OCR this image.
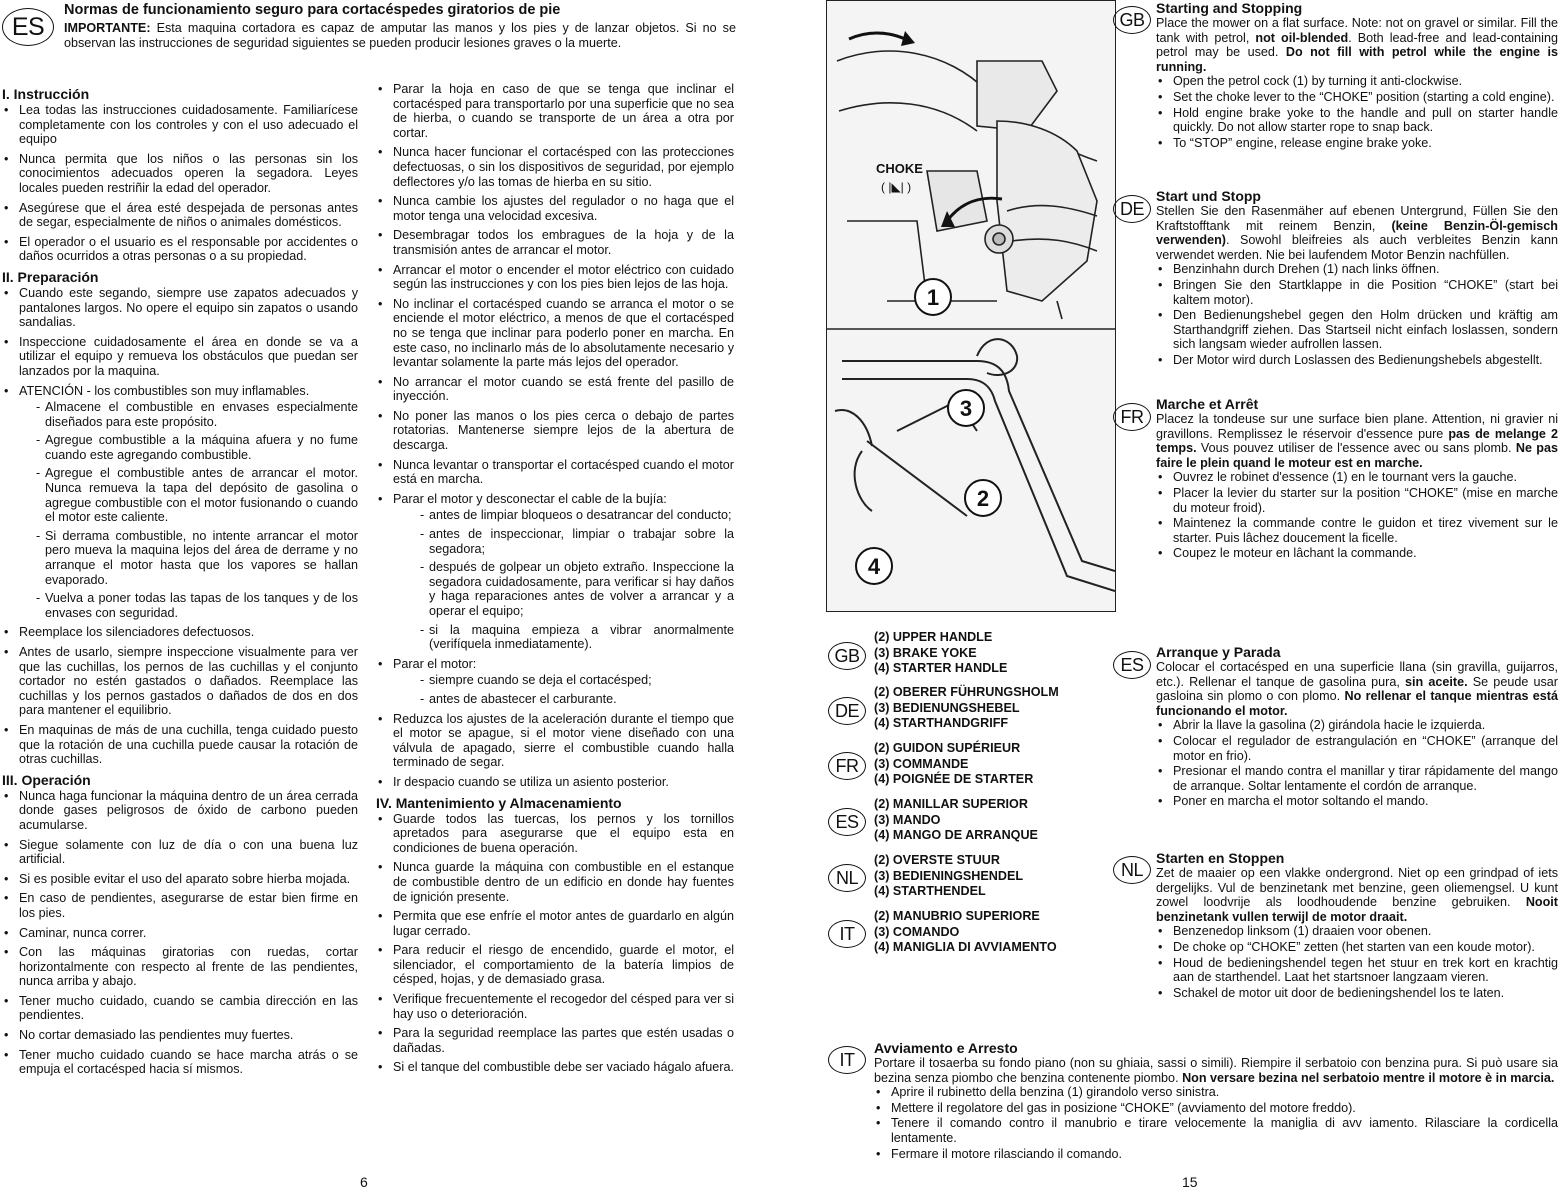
ES
Normas de funcionamiento seguro para cortacéspedes giratorios de pie
IMPORTANTE: Esta maquina cortadora es capaz de amputar las manos y los pies y de lanzar objetos. Si no se observan las instrucciones de seguridad siguientes se pueden producir lesiones graves o la muerte.
I. Instrucción
• Lea todas las instrucciones cuidadosamente. Familiarícese completamente con los controles y con el uso adecuado el equipo
• Nunca permita que los niños o las personas sin los conocimientos adecuados operen la segadora. Leyes locales pueden restriñir la edad del operador.
• Asegúrese que el área esté despejada de personas antes de segar, especialmente de niños o animales domésticos.
• El operador o el usuario es el responsable por accidentes o daños ocurridos a otras personas o a su propiedad.
II. Preparación
• Cuando este segando, siempre use zapatos adecuados y pantalones largos. No opere el equipo sin zapatos o usando sandalias.
• Inspeccione cuidadosamente el área en donde se va a utilizar el equipo y remueva los obstáculos que puedan ser lanzados por la maquina.
• ATENCIÓN - los combustibles son muy inflamables.
- Almacene el combustible en envases especialmente diseñados para este propósito.
- Agregue combustible a la máquina afuera y no fume cuando este agregando combustible.
- Agregue el combustible antes de arrancar el motor. Nunca remueva la tapa del depósito de gasolina o agregue combustible con el motor fusionando o cuando el motor este caliente.
- Si derrama combustible, no intente arrancar el motor pero mueva la maquina lejos del área de derrame y no arranque el motor hasta que los vapores se hallan evaporado.
- Vuelva a poner todas las tapas de los tanques y de los envases con seguridad.
• Reemplace los silenciadores defectuosos.
• Antes de usarlo, siempre inspeccione visualmente para ver que las cuchillas, los pernos de las cuchillas y el conjunto cortador no estén gastados o dañados. Reemplace las cuchillas y los pernos gastados o dañados de dos en dos para mantener el equilibrio.
• En maquinas de más de una cuchilla, tenga cuidado puesto que la rotación de una cuchilla puede causar la rotación de otras cuchillas.
III. Operación
• Nunca haga funcionar la máquina dentro de un área cerrada donde gases peligrosos de óxido de carbono pueden acumularse.
• Siegue solamente con luz de día o con una buena luz artificial.
• Si es posible evitar el uso del aparato sobre hierba mojada.
• En caso de pendientes, asegurarse de estar bien firme en los pies.
• Caminar, nunca correr.
• Con las máquinas giratorias con ruedas, cortar horizontalmente con respecto al frente de las pendientes, nunca arriba y abajo.
• Tener mucho cuidado, cuando se cambia dirección en las pendientes.
• No cortar demasiado las pendientes muy fuertes.
• Tener mucho cuidado cuando se hace marcha atrás o se empuja el cortacésped hacia sí mismos.
• Parar la hoja en caso de que se tenga que inclinar el cortacésped para transportarlo por una superficie que no sea de hierba, o cuando se transporte de un área a otra por cortar.
• Nunca hacer funcionar el cortacésped con las protecciones defectuosas, o sin los dispositivos de seguridad, por ejemplo deflectores y/o las tomas de hierba en su sitio.
• Nunca cambie los ajustes del regulador o no haga que el motor tenga una velocidad excesiva.
• Desembragar todos los embragues de la hoja y de la transmisión antes de arrancar el motor.
• Arrancar el motor o encender el motor eléctrico con cuidado según las instrucciones y con los pies bien lejos de las hoja.
• No inclinar el cortacésped cuando se arranca el motor o se enciende el motor eléctrico, a menos de que el cortacésped no se tenga que inclinar para poderlo poner en marcha. En este caso, no inclinarlo más de lo absolutamente necesario y levantar solamente la parte más lejos del operador.
• No arrancar el motor cuando se está frente del pasillo de inyección.
• No poner las manos o los pies cerca o debajo de partes rotatorias. Mantenerse siempre lejos de la abertura de descarga.
• Nunca levantar o transportar el cortacésped cuando el motor está en marcha.
• Parar el motor y desconectar el cable de la bujía:
- antes de limpiar bloqueos o desatrancar del conducto;
- antes de inspeccionar, limpiar o trabajar sobre la segadora;
- después de golpear un objeto extraño. Inspeccione la segadora cuidadosamente, para verificar si hay daños y haga reparaciones antes de volver a arrancar y a operar el equipo;
- si la maquina empieza a vibrar anormalmente (verifíquela inmediatamente).
• Parar el motor:
- siempre cuando se deja el cortacésped;
- antes de abastecer el carburante.
• Reduzca los ajustes de la aceleración durante el tiempo que el motor se apague, si el motor viene diseñado con una válvula de apagado, sierre el combustible cuando halla terminado de segar.
• Ir despacio cuando se utiliza un asiento posterior.
IV. Mantenimiento y Almacenamiento
• Guarde todos las tuercas, los pernos y los tornillos apretados para asegurarse que el equipo esta en condiciones de buena operación.
• Nunca guarde la máquina con combustible en el estanque de combustible dentro de un edificio en donde hay fuentes de ignición presente.
• Permita que ese enfríe el motor antes de guardarlo en algún lugar cerrado.
• Para reducir el riesgo de encendido, guarde el motor, el silenciador, el comportamiento de la batería limpios de césped, hojas, y de demasiado grasa.
• Verifique frecuentemente el recogedor del césped para ver si hay uso o deterioración.
• Para la seguridad reemplace las partes que estén usadas o dañadas.
• Si el tanque del combustible debe ser vaciado hágalo afuera.
6
CHOKE
( |◣| )
1
3
2
4
GB
(2) UPPER HANDLE
(3) BRAKE YOKE
(4) STARTER HANDLE
DE
(2) OBERER FÜHRUNGSHOLM
(3) BEDIENUNGSHEBEL
(4) STARTHANDGRIFF
FR
(2) GUIDON SUPÉRIEUR
(3) COMMANDE
(4) POIGNÉE DE STARTER
ES
(2) MANILLAR SUPERIOR
(3) MANDO
(4) MANGO DE ARRANQUE
NL
(2) OVERSTE STUUR
(3) BEDIENINGSHENDEL
(4) STARTHENDEL
IT
(2) MANUBRIO SUPERIORE
(3) COMANDO
(4) MANIGLIA DI AVVIAMENTO
GB
Starting and Stopping
Place the mower on a flat surface. Note: not on gravel or similar. Fill the tank with petrol, not oil-blended. Both lead-free and lead-containing petrol may be used. Do not fill with petrol while the engine is running.
• Open the petrol cock (1) by turning it anti-clockwise.
• Set the choke lever to the “CHOKE” position (starting a cold engine).
• Hold engine brake yoke to the handle and pull on starter handle quickly. Do not allow starter rope to snap back.
• To “STOP” engine, release engine brake yoke.
DE
Start und Stopp
Stellen Sie den Rasenmäher auf ebenen Untergrund, Füllen Sie den Kraftstofftank mit reinem Benzin, (keine Benzin-Öl-gemisch verwenden). Sowohl bleifreies als auch verbleites Benzin kann verwendet werden. Nie bei laufendem Motor Benzin nachfüllen.
• Benzinhahn durch Drehen (1) nach links öffnen.
• Bringen Sie den Startklappe in die Position “CHOKE” (start bei kaltem motor).
• Den Bedienungshebel gegen den Holm drücken und kräftig am Starthandgriff ziehen. Das Startseil nicht einfach loslassen, sondern sich langsam wieder aufrollen lassen.
• Der Motor wird durch Loslassen des Bedienungshebels abgestellt.
FR
Marche et Arrêt
Placez la tondeuse sur une surface bien plane. Attention, ni gravier ni gravillons. Remplissez le réservoir d'essence pure pas de melange 2 temps. Vous pouvez utiliser de l'essence avec ou sans plomb. Ne pas faire le plein quand le moteur est en marche.
• Ouvrez le robinet d'essence (1) en le tournant vers la gauche.
• Placer la levier du starter sur la position “CHOKE” (mise en marche du moteur froid).
• Maintenez la commande contre le guidon et tirez vivement sur le starter. Puis lâchez doucement la ficelle.
• Coupez le moteur en lâchant la commande.
ES
Arranque y Parada
Colocar el cortacésped en una superficie llana (sin gravilla, guijarros, etc.). Rellenar el tanque de gasolina pura, sin aceite. Se peude usar gasloina sin plomo o con plomo. No rellenar el tanque mientras está funcionando el motor.
• Abrir la llave la gasolina (2) girándola hacie le izquierda.
• Colocar el regulador de estrangulación en “CHOKE” (arranque del motor en frio).
• Presionar el mando contra el manillar y tirar rápidamente del mango de arranque. Soltar lentamente el cordón de arranque.
• Poner en marcha el motor soltando el mando.
NL
Starten en Stoppen
Zet de maaier op een vlakke ondergrond. Niet op een grindpad of iets dergelijks. Vul de benzinetank met benzine, geen oliemengsel. U kunt zowel loodvrije als loodhoudende benzine gebruiken. Nooit benzinetank vullen terwijl de motor draait.
• Benzenedop linksom (1) draaien voor obenen.
• De choke op “CHOKE” zetten (het starten van een koude motor).
• Houd de bedieningshendel tegen het stuur en trek kort en krachtig aan de starthendel. Laat het startsnoer langzaam vieren.
• Schakel de motor uit door de bedieningshendel los te laten.
IT
Avviamento e Arresto
Portare il tosaerba su fondo piano (non su ghiaia, sassi o simili). Riempire il serbatoio con benzina pura. Si può usare sia bezina senza piombo che benzina contenente piombo. Non versare bezina nel serbatoio mentre il motore è in marcia.
• Aprire il rubinetto della benzina (1) girandolo verso sinistra.
• Mettere il regolatore del gas in posizione “CHOKE” (avviamento del motore freddo).
• Tenere il comando contro il manubrio e tirare velocemente la maniglia di avv iamento. Rilasciare la cordicella lentamente.
• Fermare il motore rilasciando il comando.
15
